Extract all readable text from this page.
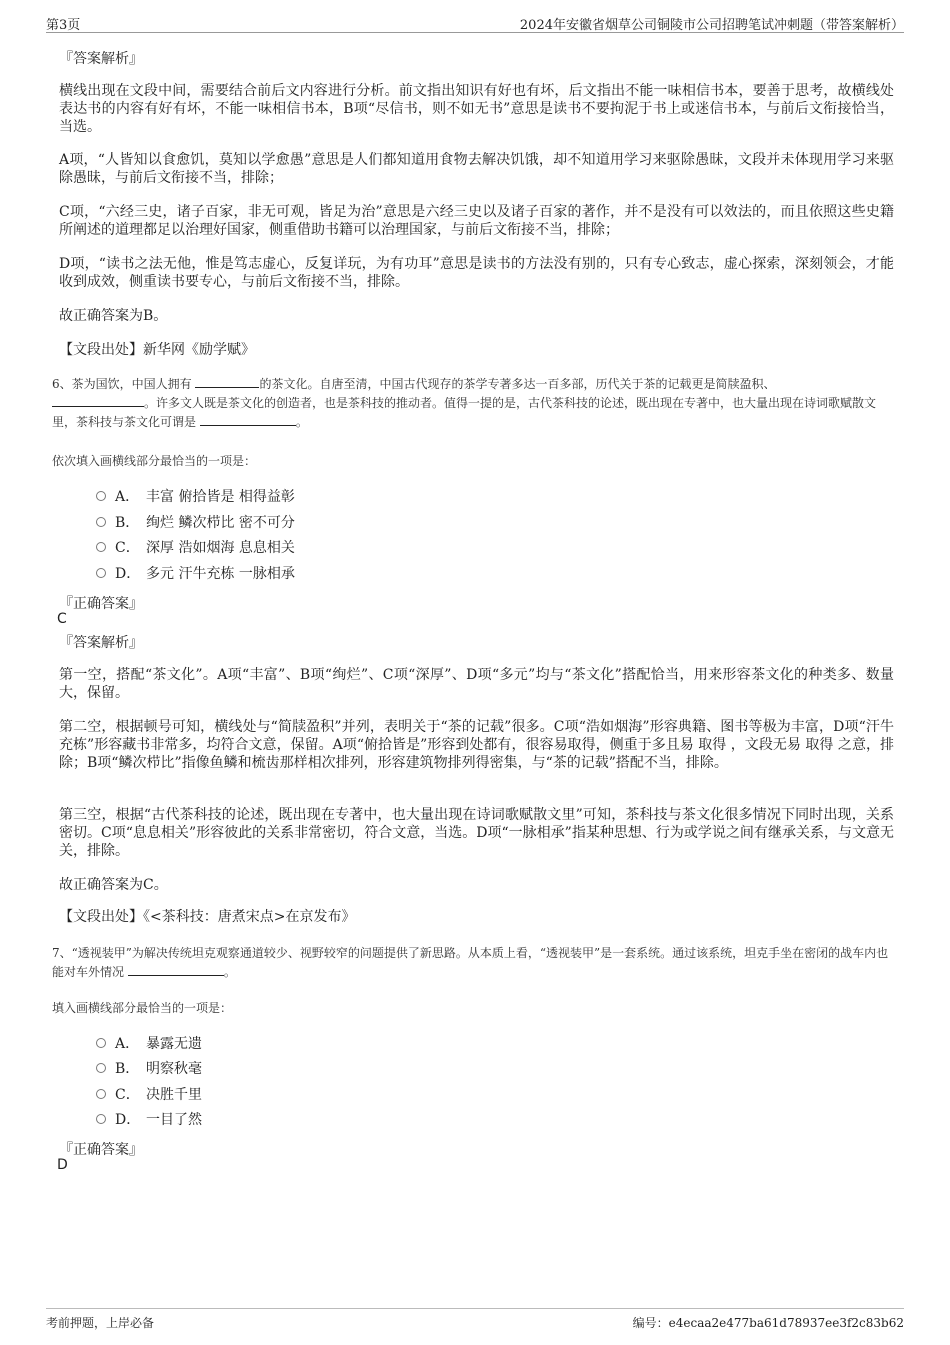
第3页	2024年安徽省烟草公司铜陵市公司招聘笔试冲刺题（带答案解析）
『答案解析』

横线出现在文段中间，需要结合前后文内容进行分析。前文指出知识有好也有坏，后文指出不能一味相信书本，要善于思考，故横线处表达书的内容有好有坏，不能一味相信书本，B项“尽信书，则不如无书”意思是读书不要拘泥于书上或迷信书本，与前后文衔接恰当，当选。

A项，“人皆知以食愈饥，莫知以学愈愚”意思是人们都知道用食物去解决饥饿，却不知道用学习来驱除愚昧，文段并未体现用学习来驱除愚昧，与前后文衔接不当，排除；

C项，“六经三史，诸子百家，非无可观，皆足为治”意思是六经三史以及诸子百家的著作，并不是没有可以效法的，而且依照这些史籍所阐述的道理都足以治理好国家，侧重借助书籍可以治理国家，与前后文衔接不当，排除；

D项，“读书之法无他，惟是笃志虚心，反复详玩，为有功耳”意思是读书的方法没有别的，只有专心致志，虚心探索，深刻领会，才能收到成效，侧重读书要专心，与前后文衔接不当，排除。

故正确答案为B。

【文段出处】新华网《励学赋》

6、茶为国饮，中国人拥有	的茶文化。自唐至清，中国古代现存的茶学专著多达一百多部，历代关于茶的记载更是简牍盈积、
。许多文人既是茶文化的创造者，也是茶科技的推动者。值得一提的是，古代茶科技的论述，既出现在专著中，也大量出现在诗词歌赋散文里，茶科技与茶文化可谓是	。

依次填入画横线部分最恰当的一项是：
A． 丰富 俯拾皆是 相得益彰
B． 绚烂 鳞次栉比 密不可分
C． 深厚 浩如烟海 息息相关
D． 多元 汗牛充栋 一脉相承
『正确答案』
C
『答案解析』

第一空，搭配“茶文化”。A项“丰富”、B项“绚烂”、C项“深厚”、D项“多元”均与“茶文化”搭配恰当，用来形容茶文化的种类多、数量大，保留。

第二空，根据顿号可知，横线处与“简牍盈积”并列，表明关于“茶的记载”很多。C项“浩如烟海”形容典籍、图书等极为丰富，D项“汗牛充栋”形容藏书非常多，均符合文意，保留。A项“俯拾皆是”形容到处都有，很容易取得，侧重于多且易 取得 ，文段无易 取得 之意，排除；B项“鳞次栉比”指像鱼鳞和梳齿那样相次排列，形容建筑物排列得密集，与“茶的记载”搭配不当，排除。

第三空，根据“古代茶科技的论述，既出现在专著中，也大量出现在诗词歌赋散文里”可知，茶科技与茶文化很多情况下同时出现，关系密切。C项“息息相关”形容彼此的关系非常密切，符合文意，当选。D项“一脉相承”指某种思想、行为或学说之间有继承关系，与文意无关，排除。

故正确答案为C。

【文段出处】《<茶科技：唐煮宋点>在京发布》

7、“透视装甲”为解决传统坦克观察通道较少、视野较窄的问题提供了新思路。从本质上看，“透视装甲”是一套系统。通过该系统，坦克手坐在密闭的战车内也能对车外情况	。

填入画横线部分最恰当的一项是：
A． 暴露无遗
B． 明察秋毫
C． 决胜千里
D． 一目了然
『正确答案』
D
考前押题，上岸必备	编号：e4ecaa2e477ba61d78937ee3f2c83b62
